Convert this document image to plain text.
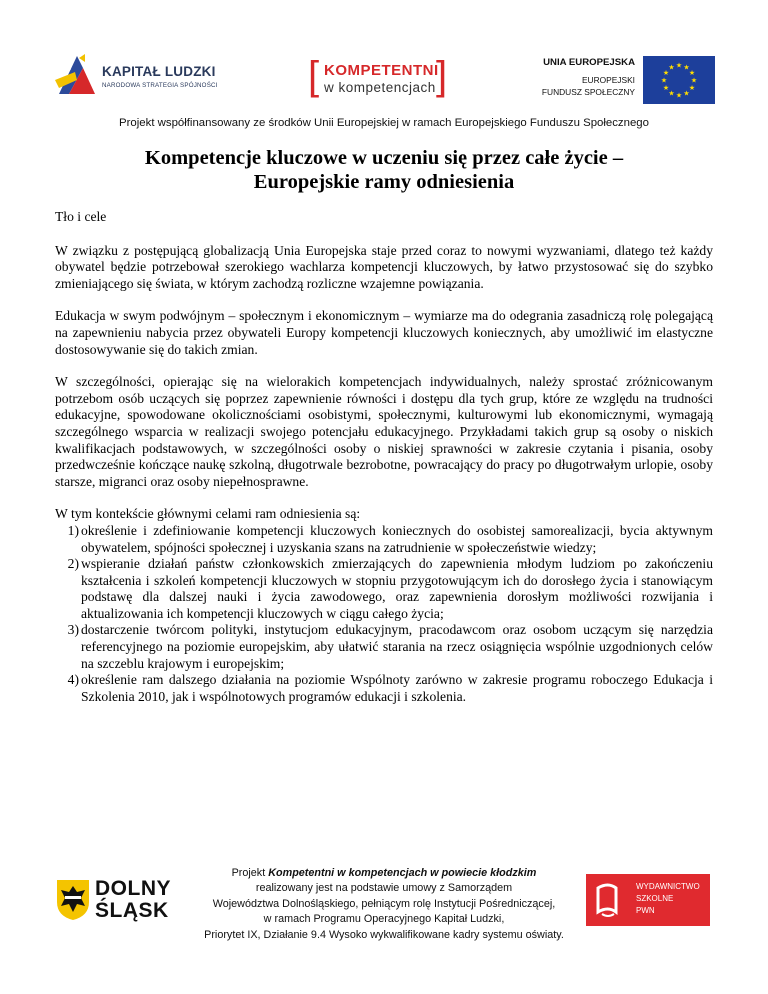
KAPITAŁ LUDZKI
NARODOWA STRATEGIA SPÓJNOŚCI [ KOMPETENTNI
w kompetencjach ]	UNIA EUROPEJSKA
EUROPEJSKI
FUNDUSZ SPOŁECZNY
★ ★
★
★
★
★
★
★
★
★
★
★
Projekt współfinansowany ze środków Unii Europejskiej w ramach Europejskiego Funduszu Społecznego
Kompetencje kluczowe w uczeniu się przez całe życie –
Europejskie ramy odniesienia

Tło i cele

W związku z postępującą globalizacją Unia Europejska staje przed coraz to nowymi wyzwaniami, dlatego też każdy obywatel będzie potrzebował szerokiego wachlarza kompetencji kluczowych, by łatwo przystosować się do szybko zmieniającego się świata, w którym zachodzą rozliczne wzajemne powiązania.

Edukacja w swym podwójnym – społecznym i ekonomicznym – wymiarze ma do odegrania zasadniczą rolę polegającą na zapewnieniu nabycia przez obywateli Europy kompetencji kluczowych koniecznych, aby umożliwić im elastyczne dostosowywanie się do takich zmian.

W szczególności, opierając się na wielorakich kompetencjach indywidualnych, należy sprostać zróżnicowanym potrzebom osób uczących się poprzez zapewnienie równości i dostępu dla tych grup, które ze względu na trudności edukacyjne, spowodowane okolicznościami osobistymi, społecznymi, kulturowymi lub ekonomicznymi, wymagają szczególnego wsparcia w realizacji swojego potencjału edukacyjnego. Przykładami takich grup są osoby o niskich kwalifikacjach podstawowych, w szczególności osoby o niskiej sprawności w zakresie czytania i pisania, osoby przedwcześnie kończące naukę szkolną, długotrwale bezrobotne, powracający do pracy po długotrwałym urlopie, osoby starsze, migranci oraz osoby niepełnosprawne.

W tym kontekście głównymi celami ram odniesienia są:

1) określenie i zdefiniowanie kompetencji kluczowych koniecznych do osobistej samorealizacji, bycia aktywnym obywatelem, spójności społecznej i uzyskania szans na zatrudnienie w społeczeństwie wiedzy;
2) wspieranie działań państw członkowskich zmierzających do zapewnienia młodym ludziom po zakończeniu kształcenia i szkoleń kompetencji kluczowych w stopniu przygotowującym ich do dorosłego życia i stanowiącym podstawę dla dalszej nauki i życia zawodowego, oraz zapewnienia dorosłym możliwości rozwijania i aktualizowania ich kompetencji kluczowych w ciągu całego życia;
3) dostarczenie twórcom polityki, instytucjom edukacyjnym, pracodawcom oraz osobom uczącym się narzędzia referencyjnego na poziomie europejskim, aby ułatwić starania na rzecz osiągnięcia wspólnie uzgodnionych celów na szczeblu krajowym i europejskim;
4) określenie ram dalszego działania na poziomie Wspólnoty zarówno w zakresie programu roboczego Edukacja i Szkolenia 2010, jak i wspólnotowych programów edukacji i szkolenia.
DOLNY
ŚLĄSK
Projekt Kompetentni w kompetencjach w powiecie kłodzkim
realizowany jest na podstawie umowy z Samorządem
Województwa Dolnośląskiego, pełniącym rolę Instytucji Pośredniczącej,
w ramach Programu Operacyjnego Kapitał Ludzki,
Priorytet IX, Działanie 9.4 Wysoko wykwalifikowane kadry systemu oświaty.
WYDAWNICTWO
SZKOLNE
PWN
